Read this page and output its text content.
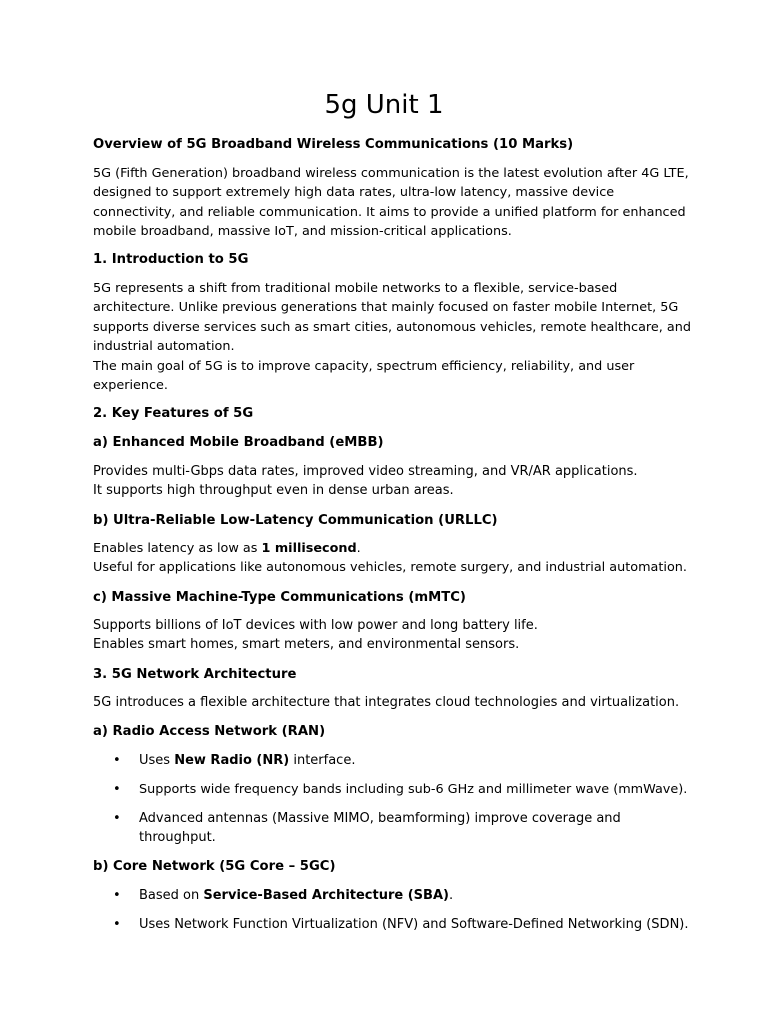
5g Unit 1

Overview of 5G Broadband Wireless Communications (10 Marks)

5G (Fifth Generation) broadband wireless communication is the latest evolution after 4G LTE,
designed to support extremely high data rates, ultra-low latency, massive device
connectivity, and reliable communication. It aims to provide a unified platform for enhanced
mobile broadband, massive IoT, and mission-critical applications.

1. Introduction to 5G

5G represents a shift from traditional mobile networks to a flexible, service-based
architecture. Unlike previous generations that mainly focused on faster mobile Internet, 5G
supports diverse services such as smart cities, autonomous vehicles, remote healthcare, and
industrial automation.
The main goal of 5G is to improve capacity, spectrum efficiency, reliability, and user
experience.

2. Key Features of 5G

a) Enhanced Mobile Broadband (eMBB)

Provides multi-Gbps data rates, improved video streaming, and VR/AR applications.
It supports high throughput even in dense urban areas.

b) Ultra-Reliable Low-Latency Communication (URLLC)

Enables latency as low as 1 millisecond.
Useful for applications like autonomous vehicles, remote surgery, and industrial automation.

c) Massive Machine-Type Communications (mMTC)

Supports billions of IoT devices with low power and long battery life.
Enables smart homes, smart meters, and environmental sensors.

3. 5G Network Architecture

5G introduces a flexible architecture that integrates cloud technologies and virtualization.

a) Radio Access Network (RAN)

• Uses New Radio (NR) interface.

• Supports wide frequency bands including sub-6 GHz and millimeter wave (mmWave).

• Advanced antennas (Massive MIMO, beamforming) improve coverage and
throughput.

b) Core Network (5G Core – 5GC)

• Based on Service-Based Architecture (SBA).

• Uses Network Function Virtualization (NFV) and Software-Defined Networking (SDN).
